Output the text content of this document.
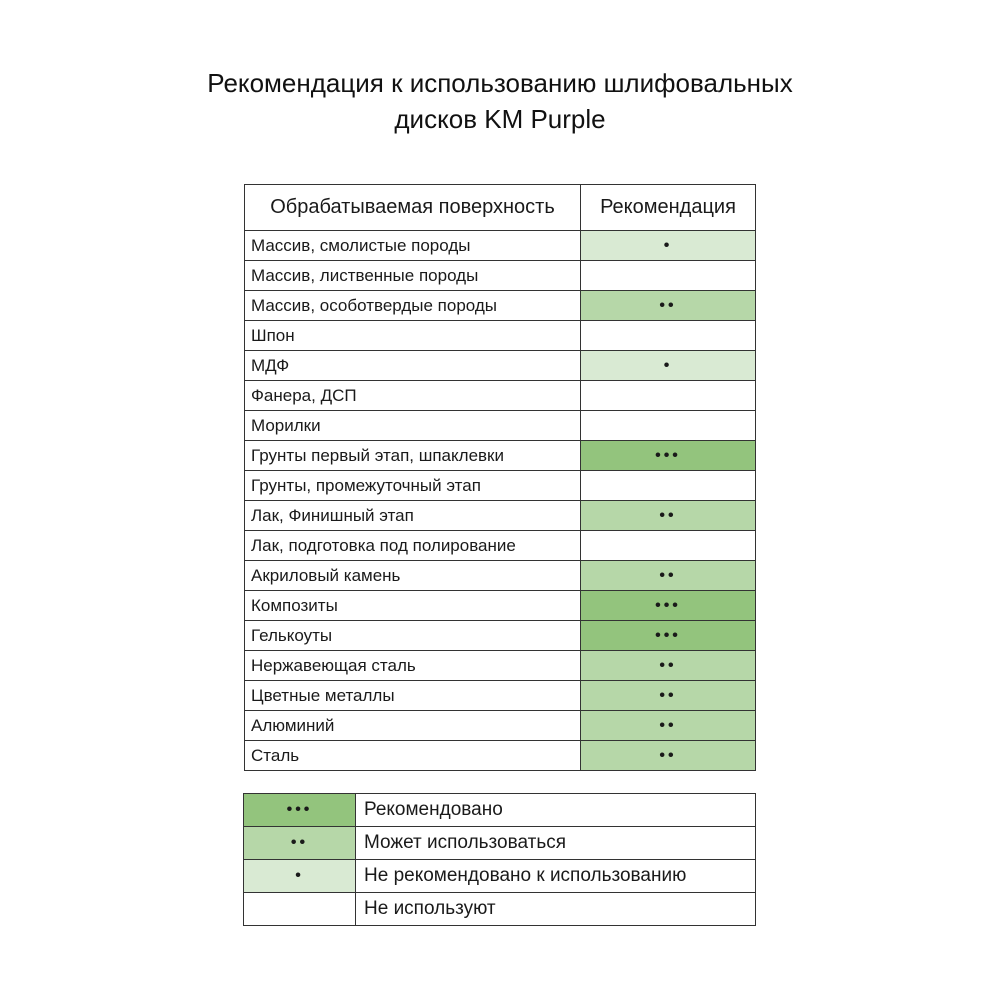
Рекомендация к использованию шлифовальных
дисков KM Purple
Обрабатываемая поверхность	Рекомендация
Массив, смолистые породы	•
Массив, лиственные породы	
Массив, особотвердые породы	••
Шпон	
МДФ	•
Фанера, ДСП	
Морилки	
Грунты первый этап, шпаклевки	•••
Грунты, промежуточный этап	
Лак, Финишный этап	••
Лак, подготовка под полирование	
Акриловый камень	••
Композиты	•••
Гелькоуты	•••
Нержавеющая сталь	••
Цветные металлы	••
Алюминий	••
Сталь	••
•••	Рекомендовано
••	Может использоваться
•	Не рекомендовано к использованию
	Не используют
